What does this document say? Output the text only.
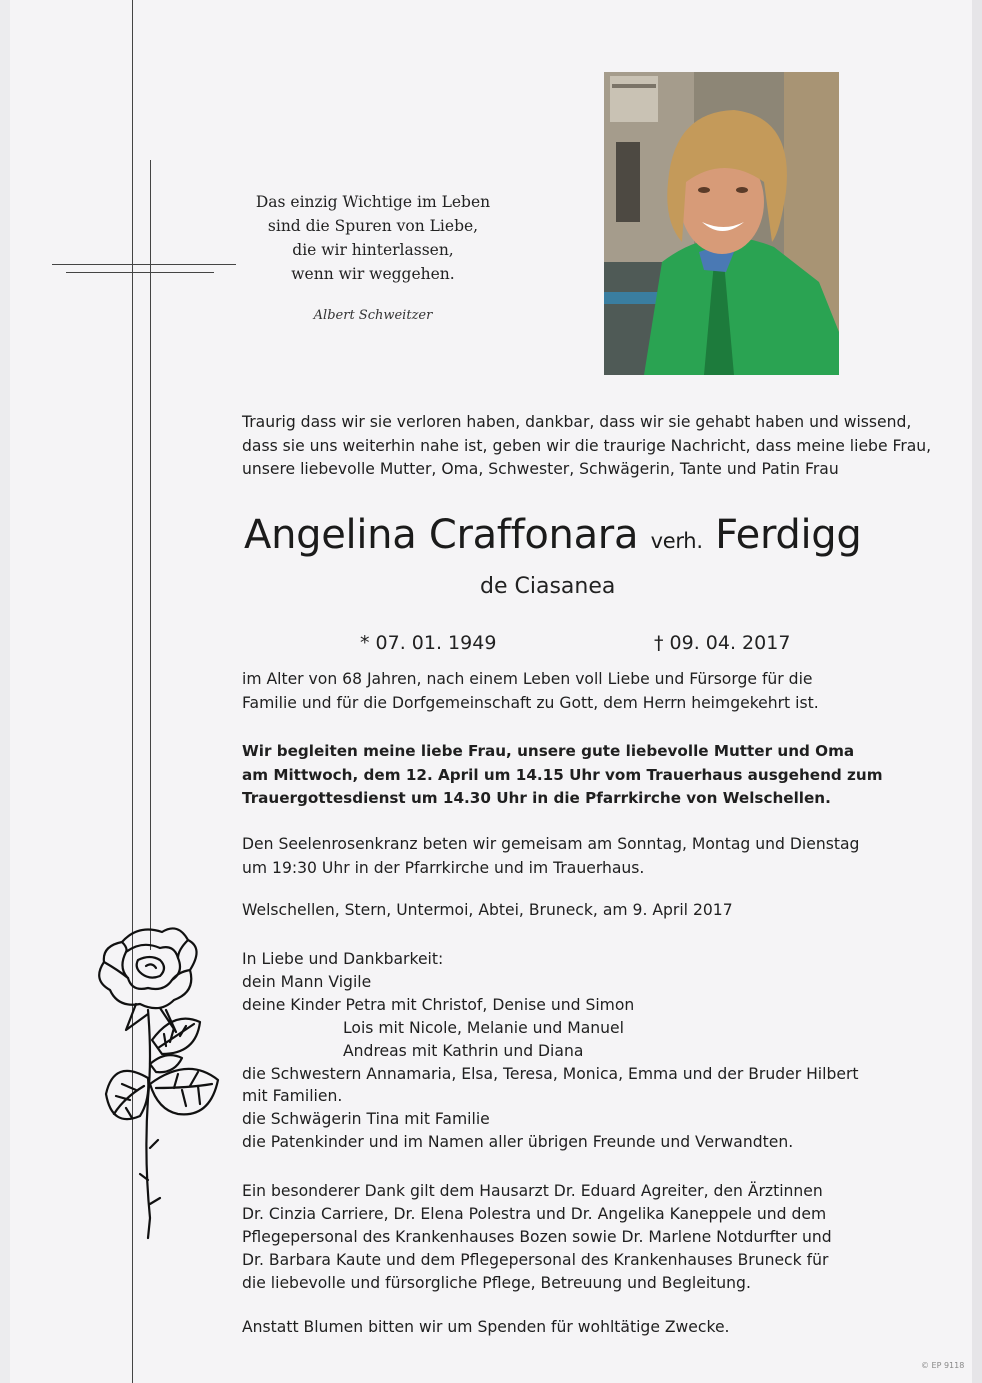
Das einzig Wichtige im Leben
sind die Spuren von Liebe,
die wir hinterlassen,
wenn wir weggehen.
Albert Schweitzer
Traurig dass wir sie verloren haben, dankbar, dass wir sie gehabt haben und wissend,
dass sie uns weiterhin nahe ist, geben wir die traurige Nachricht, dass meine liebe Frau,
unsere liebevolle Mutter, Oma, Schwester, Schwägerin, Tante und Patin Frau
Angelina Craffonara verh. Ferdigg
de Ciasanea
* 07. 01. 1949	† 09. 04. 2017
im Alter von 68 Jahren, nach einem Leben voll Liebe und Fürsorge für die
Familie und für die Dorfgemeinschaft zu Gott, dem Herrn heimgekehrt ist.
Wir begleiten meine liebe Frau, unsere gute liebevolle Mutter und Oma
am Mittwoch, dem 12. April um 14.15 Uhr vom Trauerhaus ausgehend zum
Trauergottesdienst um 14.30 Uhr in die Pfarrkirche von Welschellen.
Den Seelenrosenkranz beten wir gemeisam am Sonntag, Montag und Dienstag
um 19:30 Uhr in der Pfarrkirche und im Trauerhaus.
Welschellen, Stern, Untermoi, Abtei, Bruneck, am 9. April 2017
In Liebe und Dankbarkeit:
dein Mann Vigile
deine Kinder Petra mit Christof, Denise und Simon
Lois mit Nicole, Melanie und Manuel
Andreas mit Kathrin und Diana
die Schwestern Annamaria, Elsa, Teresa, Monica, Emma und der Bruder Hilbert
mit Familien.
die Schwägerin Tina mit Familie
die Patenkinder und im Namen aller übrigen Freunde und Verwandten.
Ein besonderer Dank gilt dem Hausarzt Dr. Eduard Agreiter, den Ärztinnen
Dr. Cinzia Carriere, Dr. Elena Polestra und Dr. Angelika Kaneppele und dem
Pflegepersonal des Krankenhauses Bozen sowie Dr. Marlene Notdurfter und
Dr. Barbara Kaute und dem Pflegepersonal des Krankenhauses Bruneck für
die liebevolle und fürsorgliche Pflege, Betreuung und Begleitung.
Anstatt Blumen bitten wir um Spenden für wohltätige Zwecke.
© EP 9118
